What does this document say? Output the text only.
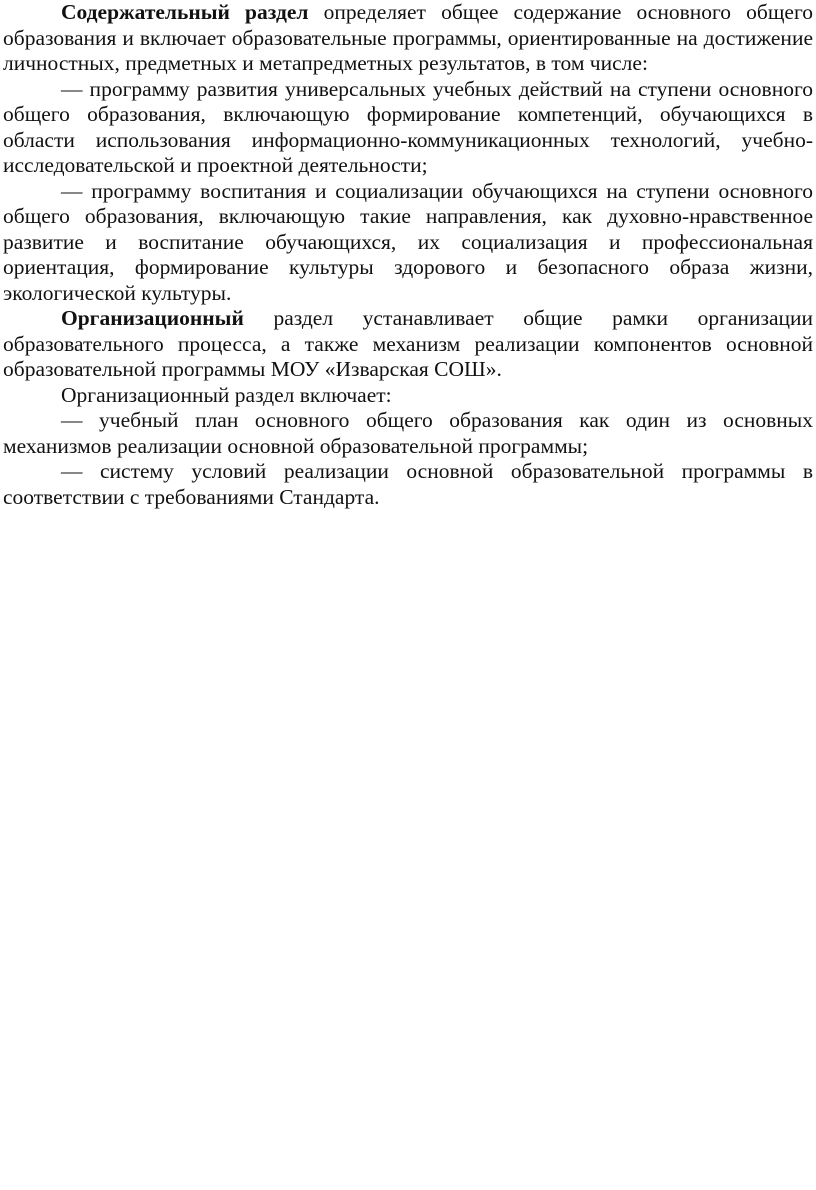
Содержательный раздел определяет общее содержание основного общего образования и включает образовательные программы, ориентированные на достижение личностных, предметных и метапредметных результатов, в том числе:

— программу развития универсальных учебных действий на ступени основного общего образования, включающую формирование компетенций, обучающихся в области использования информационно-коммуникационных технологий, учебно-исследовательской и проектной деятельности;

— программу воспитания и социализации обучающихся на ступени основного общего образования, включающую такие направления, как духовно-нравственное развитие и воспитание обучающихся, их социализация и профессиональная ориентация, формирование культуры здорового и безопасного образа жизни, экологической культуры.

Организационный раздел устанавливает общие рамки организации образовательного процесса, а также механизм реализации компонентов основной образовательной программы МОУ «Изварская СОШ».

Организационный раздел включает:

— учебный план основного общего образования как один из основных механизмов реализации основной образовательной программы;

— систему условий реализации основной образовательной программы в соответствии с требованиями Стандарта.
